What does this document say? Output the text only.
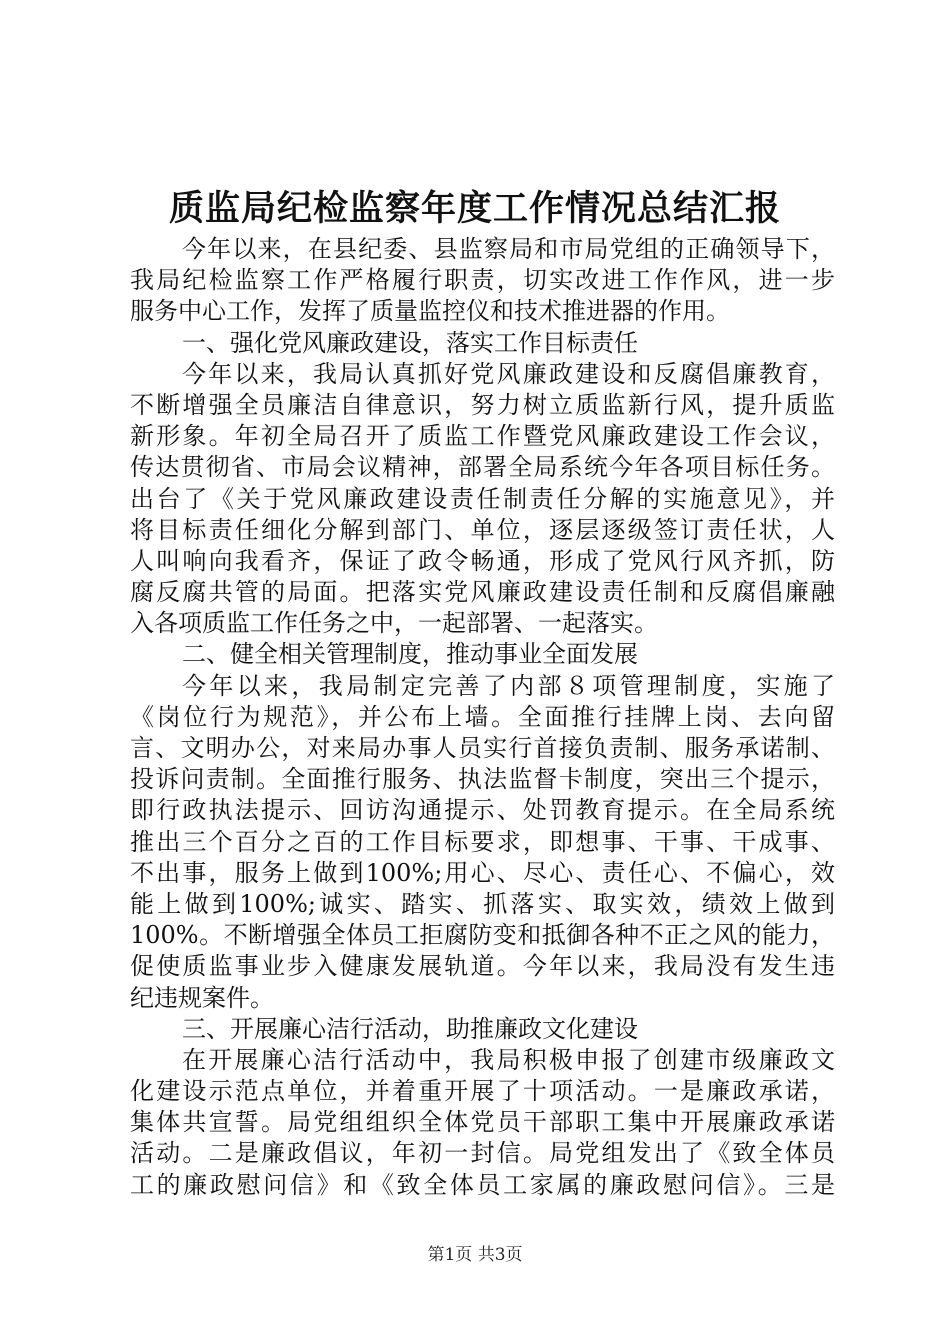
质监局纪检监察年度工作情况总结汇报
今年以来，在县纪委、县监察局和市局党组的正确领导下，
我局纪检监察工作严格履行职责，切实改进工作作风，进一步
服务中心工作，发挥了质量监控仪和技术推进器的作用。
一、强化党风廉政建设，落实工作目标责任
今年以来，我局认真抓好党风廉政建设和反腐倡廉教育，
不断增强全员廉洁自律意识，努力树立质监新行风，提升质监
新形象。年初全局召开了质监工作暨党风廉政建设工作会议，
传达贯彻省、市局会议精神，部署全局系统今年各项目标任务。
出台了《关于党风廉政建设责任制责任分解的实施意见》，并
将目标责任细化分解到部门、单位，逐层逐级签订责任状，人
人叫响向我看齐，保证了政令畅通，形成了党风行风齐抓，防
腐反腐共管的局面。把落实党风廉政建设责任制和反腐倡廉融
入各项质监工作任务之中，一起部署、一起落实。
二、健全相关管理制度，推动事业全面发展
今年以来，我局制定完善了内部８项管理制度，实施了
《岗位行为规范》，并公布上墙。全面推行挂牌上岗、去向留
言、文明办公，对来局办事人员实行首接负责制、服务承诺制、
投诉问责制。全面推行服务、执法监督卡制度，突出三个提示，
即行政执法提示、回访沟通提示、处罚教育提示。在全局系统
推出三个百分之百的工作目标要求，即想事、干事、干成事、
不出事，服务上做到100%;用心、尽心、责任心、不偏心，效
能上做到100%;诚实、踏实、抓落实、取实效，绩效上做到
100%。不断增强全体员工拒腐防变和抵御各种不正之风的能力，
促使质监事业步入健康发展轨道。今年以来，我局没有发生违
纪违规案件。
三、开展廉心洁行活动，助推廉政文化建设
在开展廉心洁行活动中，我局积极申报了创建市级廉政文
化建设示范点单位，并着重开展了十项活动。一是廉政承诺，
集体共宣誓。局党组组织全体党员干部职工集中开展廉政承诺
活动。二是廉政倡议，年初一封信。局党组发出了《致全体员
工的廉政慰问信》和《致全体员工家属的廉政慰问信》。三是
第1页 共3页
